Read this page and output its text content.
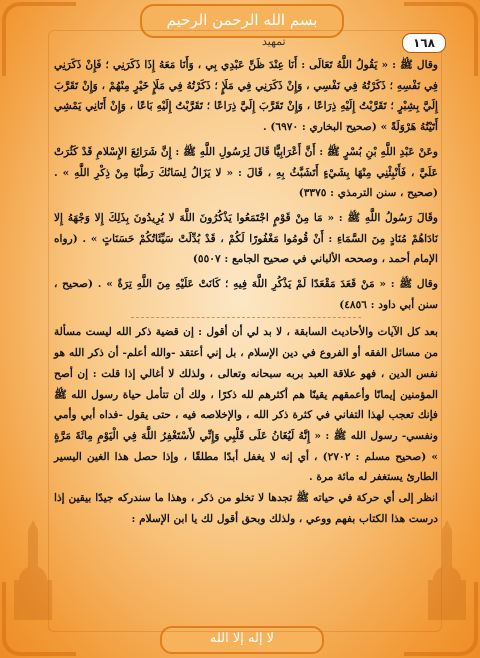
بسم الله الرحمن الرحيم
لا إله إلا الله
١٦٨
تمهيد

وقال ﷺ : « يَقُولُ اللَّهُ تَعَالَى : أَنَا عِنْدَ ظَنِّ عَبْدِي بِي ، وَأَنَا مَعَهُ إِذَا ذَكَرَنِي ؛ فَإِنْ ذَكَرَنِي فِي نَفْسِهِ ؛ ذَكَرْتُهُ فِي نَفْسِي ، وَإِنْ ذَكَرَنِي فِي مَلَإٍ ؛ ذَكَرْتُهُ فِي مَلَإٍ خَيْرٍ مِنْهُمْ ، وَإِنْ تَقَرَّبَ إِلَيَّ بِشِبْرٍ ؛ تَقَرَّبْتُ إِلَيْهِ ذِرَاعًا ، وَإِنْ تَقَرَّبَ إِلَيَّ ذِرَاعًا ؛ تَقَرَّبْتُ إِلَيْهِ بَاعًا ، وَإِنْ أَتَانِي يَمْشِي أَتَيْتُهُ هَرْوَلَةً » (صحيح البخاري : ٦٩٧٠) .

وعَنْ عَبْدِ اللَّهِ بْنِ بُسْرٍ ﷺ : أَنَّ أَعْرَابِيًّا قَالَ لِرَسُولِ اللَّهِ ﷺ : إِنَّ شَرَائِعَ الإِسْلامِ قَدْ كَثُرَتْ عَلَيَّ ، فَأَنْبِئْنِي مِنْهَا بِشَيْءٍ أَتَشَبَّثُ بِهِ ، قَالَ : « لا يَزَالُ لِسَانُكَ رَطْبًا مِنْ ذِكْرِ اللَّهِ » . (صحيح ، سنن الترمذي : ٣٣٧٥)

وقَالَ رَسُولُ اللَّهِ ﷺ : « مَا مِنْ قَوْمٍ اجْتَمَعُوا يَذْكُرُونَ اللَّهَ لا يُرِيدُونَ بِذَلِكَ إِلا وَجْهَهُ إِلا نَادَاهُمْ مُنَادٍ مِنَ السَّمَاءِ : أَنْ قُومُوا مَغْفُورًا لَكُمْ ، قَدْ بُدِّلَتْ سَيِّئَاتُكُمْ حَسَنَاتٍ » . (رواه الإمام أحمد ، وصححه الألباني في صحيح الجامع : ٥٥٠٧)

وقال ﷺ : « مَنْ قَعَدَ مَقْعَدًا لَمْ يَذْكُرِ اللَّهَ فِيهِ ؛ كَانَتْ عَلَيْهِ مِنَ اللَّهِ تِرَةٌ » . (صحيح ، سنن أبي داود : ٤٨٥٦)

بعد كل الآيات والأحاديث السابقة ، لا بد لي أن أقول : إن قضية ذكر الله ليست مسألة من مسائل الفقه أو الفروع في دين الإسلام ، بل إني أعتقد -والله أعلم- أن ذكر الله هو نفس الدين ، فهو علاقة العبد بربه سبحانه وتعالى ، ولذلك لا أغالي إذا قلت : إن أصح المؤمنين إيمانًا وأعمقهم يقينًا هم أكثرهم لله ذكرًا ، ولك أن تتأمل حياة رسول الله ﷺ فإنك تعجب لهذا التفاني في كثرة ذكر الله ، والإخلاصه فيه ، حتى يقول -فداه أبي وأمي ونفسي- رسول الله ﷺ : « إِنَّهُ لَيُغَانُ عَلَى قَلْبِي وَإِنِّي لأَسْتَغْفِرُ اللَّهَ فِي الْيَوْمِ مِائَةَ مَرَّةٍ » (صحيح مسلم : ٢٧٠٢) ، أي إنه لا يغفل أبدًا مطلقًا ، وإذا حصل هذا الغين اليسير الطارئ يستغفر له مائة مرة .

انظر إلى أي حركة في حياته ﷺ تجدها لا تخلو من ذكر ، وهذا ما سندركه جيدًا بيقين إذا درست هذا الكتاب بفهم ووعي ، ولذلك وبحق أقول لك يا ابن الإسلام :
